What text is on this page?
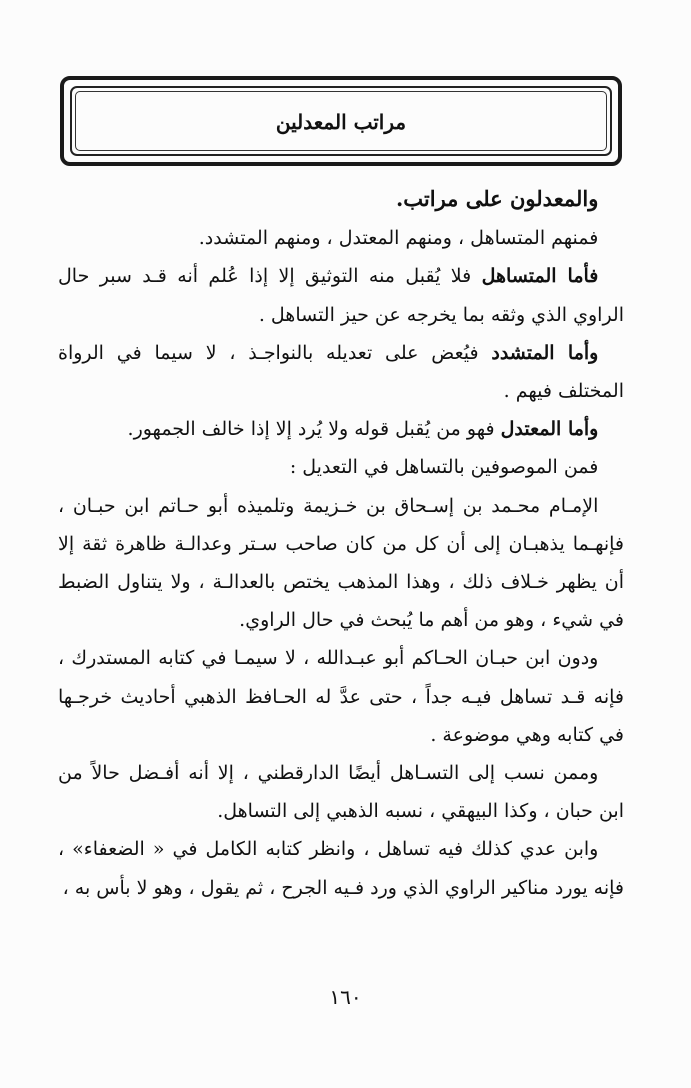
مراتب المعدلين

والمعدلون على مراتب.

فمنهم المتساهل ، ومنهم المعتدل ، ومنهم المتشدد.

فأما المتساهل فلا يُقبل منه التوثيق إلا إذا عُلم أنه قـد سبر حال الراوي الذي وثقه بما يخرجه عن حيز التساهل .

وأما المتشدد فيُعض على تعديله بالنواجـذ ، لا سيما في الرواة المختلف فيهم .

وأما المعتدل فهو من يُقبل قوله ولا يُرد إلا إذا خالف الجمهور.

فمن الموصوفين بالتساهل في التعديل :

الإمـام محـمد بن إسـحاق بن خـزيمة وتلميذه أبو حـاتم ابن حبـان ، فإنهـما يذهبـان إلى أن كل من كان صاحب سـتر وعدالـة ظاهرة ثقة إلا أن يظهر خـلاف ذلك ، وهذا المذهب يختص بالعدالـة ، ولا يتناول الضبط في شيء ، وهو من أهم ما يُبحث في حال الراوي.

ودون ابن حبـان الحـاكم أبو عبـدالله ، لا سيمـا في كتابه المستدرك ، فإنه قـد تساهل فيـه جداً ، حتى عدَّ له الحـافظ الذهبي أحاديث خرجـها في كتابه وهي موضوعة .

وممن نسب إلى التسـاهل أيضًا الدارقطني ، إلا أنه أفـضل حالاً من ابن حبان ، وكذا البيهقي ، نسبه الذهبي إلى التساهل.

وابن عدي كذلك فيه تساهل ، وانظر كتابه الكامل في « الضعفاء» ، فإنه يورد مناكير الراوي الذي ورد فـيه الجرح ، ثم يقول ، وهو لا بأس به ،

١٦٠
